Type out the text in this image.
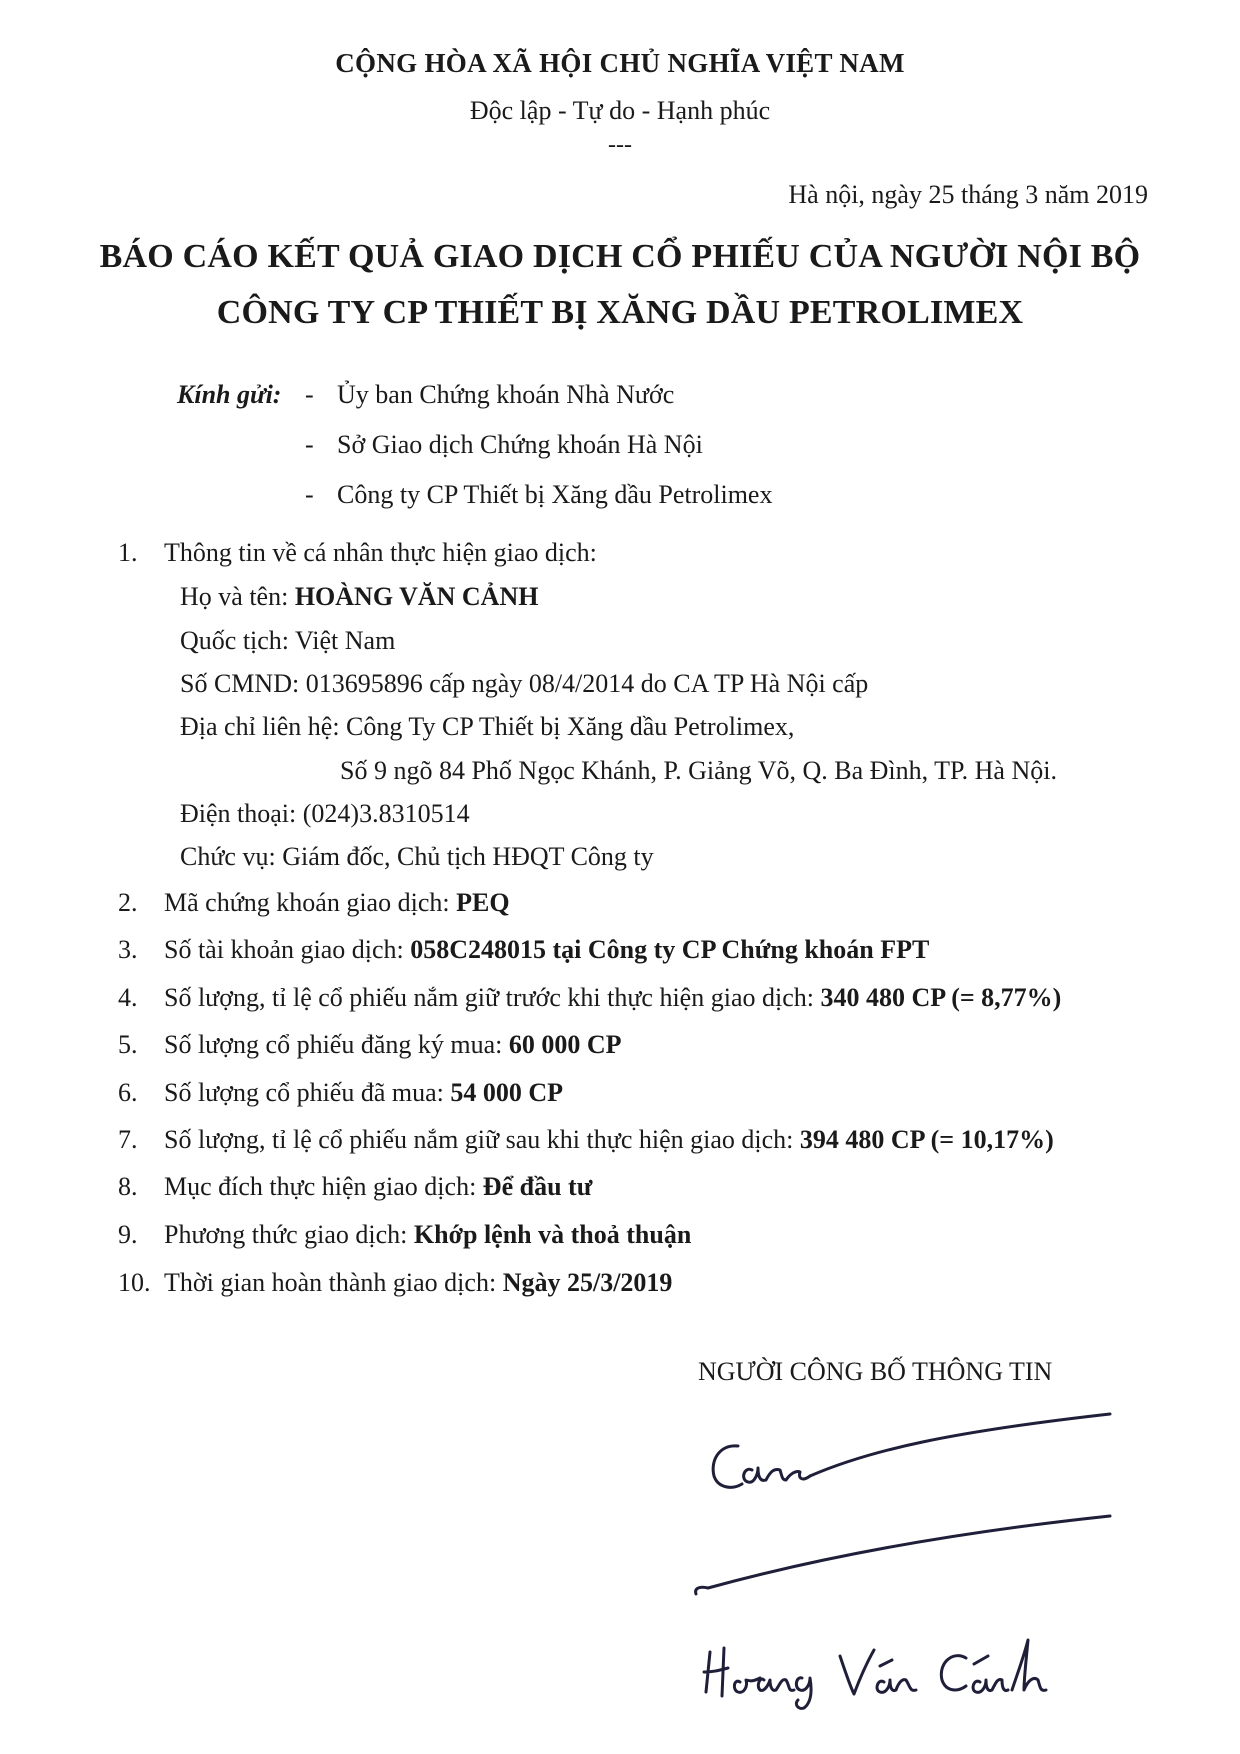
CỘNG HÒA XÃ HỘI CHỦ NGHĨA VIỆT NAM
Độc lập - Tự do - Hạnh phúc
---
Hà nội, ngày 25 tháng 3 năm 2019
BÁO CÁO KẾT QUẢ GIAO DỊCH CỔ PHIẾU CỦA NGƯỜI NỘI BỘ
CÔNG TY CP THIẾT BỊ XĂNG DẦU PETROLIMEX
Kính gửi: - Ủy ban Chứng khoán Nhà Nước
- Sở Giao dịch Chứng khoán Hà Nội
- Công ty CP Thiết bị Xăng dầu Petrolimex
1. Thông tin về cá nhân thực hiện giao dịch:
Họ và tên: HOÀNG VĂN CẢNH
Quốc tịch: Việt Nam
Số CMND: 013695896 cấp ngày 08/4/2014 do CA TP Hà Nội cấp
Địa chỉ liên hệ: Công Ty CP Thiết bị Xăng dầu Petrolimex,
Số 9 ngõ 84 Phố Ngọc Khánh, P. Giảng Võ, Q. Ba Đình, TP. Hà Nội.
Điện thoại: (024)3.8310514
Chức vụ: Giám đốc, Chủ tịch HĐQT Công ty
2. Mã chứng khoán giao dịch: PEQ
3. Số tài khoản giao dịch: 058C248015 tại Công ty CP Chứng khoán FPT
4. Số lượng, tỉ lệ cổ phiếu nắm giữ trước khi thực hiện giao dịch: 340 480 CP (= 8,77%)
5. Số lượng cổ phiếu đăng ký mua: 60 000 CP
6. Số lượng cổ phiếu đã mua: 54 000 CP
7. Số lượng, tỉ lệ cổ phiếu nắm giữ sau khi thực hiện giao dịch: 394 480 CP (= 10,17%)
8. Mục đích thực hiện giao dịch: Để đầu tư
9. Phương thức giao dịch: Khớp lệnh và thoả thuận
10. Thời gian hoàn thành giao dịch: Ngày 25/3/2019
NGƯỜI CÔNG BỐ THÔNG TIN
